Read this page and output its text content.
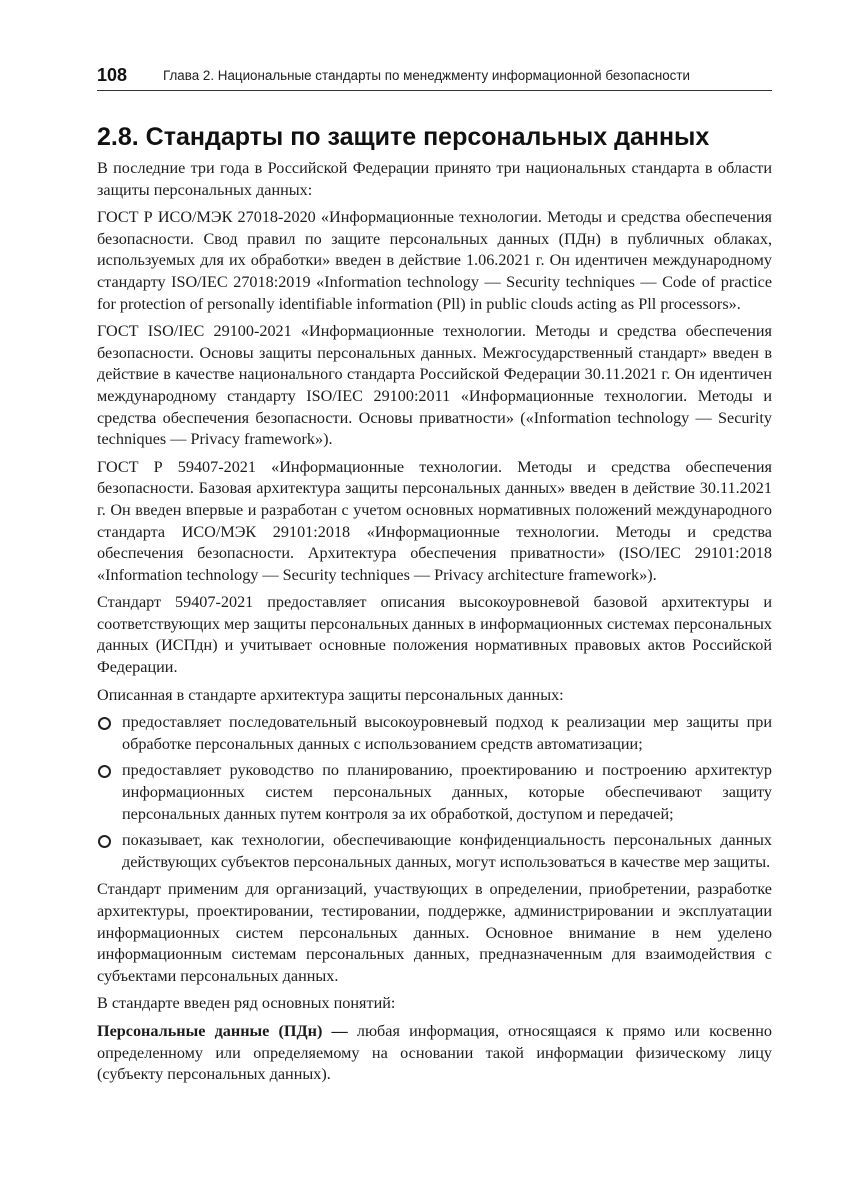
108	Глава 2. Национальные стандарты по менеджменту информационной безопасности
2.8. Стандарты по защите персональных данных

В последние три года в Российской Федерации принято три национальных стандарта в области защиты персональных данных:

ГОСТ Р ИСО/МЭК 27018-2020 «Информационные технологии. Методы и средства обеспечения безопасности. Свод правил по защите персональных данных (ПДн) в публичных облаках, используемых для их обработки» введен в действие 1.06.2021 г. Он идентичен международному стандарту ISO/IEC 27018:2019 «Information technology — Security techniques — Code of practice for protection of personally identifiable information (Pll) in public clouds acting as Pll processors».

ГОСТ ISO/IEC 29100-2021 «Информационные технологии. Методы и средства обеспечения безопасности. Основы защиты персональных данных. Межгосударственный стандарт» введен в действие в качестве национального стандарта Российской Федерации 30.11.2021 г. Он идентичен международному стандарту ISO/IEC 29100:2011 «Информационные технологии. Методы и средства обеспечения безопасности. Основы приватности» («Information technology — Security techniques — Privacy framework»).

ГОСТ Р 59407-2021 «Информационные технологии. Методы и средства обеспечения безопасности. Базовая архитектура защиты персональных данных» введен в действие 30.11.2021 г. Он введен впервые и разработан с учетом основных нормативных положений международного стандарта ИСО/МЭК 29101:2018 «Информационные технологии. Методы и средства обеспечения безопасности. Архитектура обеспечения приватности» (ISO/IEC 29101:2018 «Information technology — Security techniques — Privacy architecture framework»).

Стандарт 59407-2021 предоставляет описания высокоуровневой базовой архитектуры и соответствующих мер защиты персональных данных в информационных системах персональных данных (ИСПдн) и учитывает основные положения нормативных правовых актов Российской Федерации.

Описанная в стандарте архитектура защиты персональных данных:

предоставляет последовательный высокоуровневый подход к реализации мер защиты при обработке персональных данных с использованием средств автоматизации;
предоставляет руководство по планированию, проектированию и построению архитектур информационных систем персональных данных, которые обеспечивают защиту персональных данных путем контроля за их обработкой, доступом и передачей;
показывает, как технологии, обеспечивающие конфиденциальность персональных данных действующих субъектов персональных данных, могут использоваться в качестве мер защиты.

Стандарт применим для организаций, участвующих в определении, приобретении, разработке архитектуры, проектировании, тестировании, поддержке, администрировании и эксплуатации информационных систем персональных данных. Основное внимание в нем уделено информационным системам персональных данных, предназначенным для взаимодействия с субъектами персональных данных.

В стандарте введен ряд основных понятий:

Персональные данные (ПДн) — любая информация, относящаяся к прямо или косвенно определенному или определяемому на основании такой информации физическому лицу (субъекту персональных данных).
